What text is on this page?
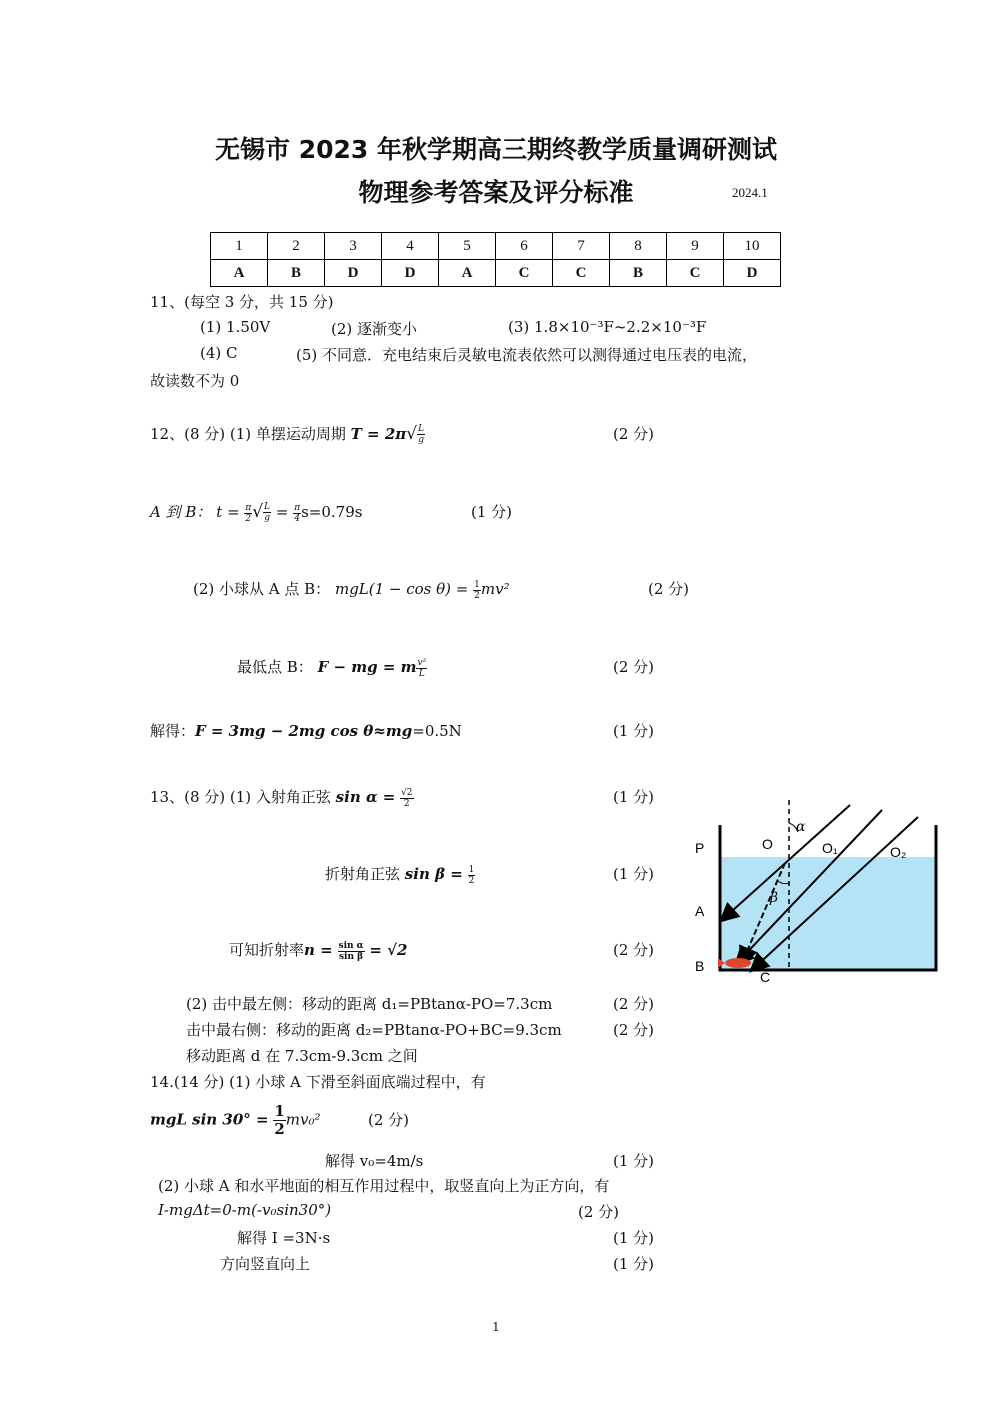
无锡市 2023 年秋学期高三期终教学质量调研测试
物理参考答案及评分标准	2024.1
1	2	3	4	5	6	7	8	9	10
A	B	D	D	A	C	C	B	C	D
11、(每空 3 分，共 15 分)
(1) 1.50V	(2) 逐渐变小	(3) 1.8×10⁻³F~2.2×10⁻³F
(4) C	(5) 不同意．充电结束后灵敏电流表依然可以测得通过电压表的电流，
故读数不为 0
12、(8 分) (1) 单摆运动周期 $T = 2\pi√ \frac{L}{g}$	(2 分)
A 到 B： $t = \frac{\pi}{2}$ √ $\frac{L}{g} = \frac{\pi}{4} s=0.79s$	(1 分)
(2) 小球从 A 点 B： $mgL(1 - \cos \theta) = \frac{1}{2} mv^2$	(2 分)
最低点 B： F − mg = m $\frac{\text{v²}}{L}$	(2 分)
解得：F = 3mg − 2mg cos θ≈mg=0.5N	(1 分)
13、(8 分) (1) 入射角正弦 $\sin \alpha = \frac{√2}{2}$	(1 分)
折射角正弦 $\sin \beta = \frac{1}{2}$	(1 分)
可知折射率$n = \frac{\text{sin α}}{\text{sin β}} = √2$	(2 分)
(2) 击中最左侧：移动的距离 d₁=PBtanα-PO=7.3cm	(2 分)
击中最右侧：移动的距离 d₂=PBtanα-PO+BC=9.3cm	(2 分)
移动距离 d 在 7.3cm-9.3cm 之间
14.(14 分) (1) 小球 A 下滑至斜面底端过程中，有
mgL $\sin 30^\circ = \frac{1}{2} mv_0^2$	(2 分)
解得 v₀=4m/s	(1 分)
(2) 小球 A 和水平地面的相互作用过程中，取竖直向上为正方向，有
I-mgΔt=0-m(-v₀sin30°)	(2 分)
解得 I =3N·s	(1 分)
方向竖直向上	(1 分)
P	O	O₁	O₂
A
B
C
α
β
1
